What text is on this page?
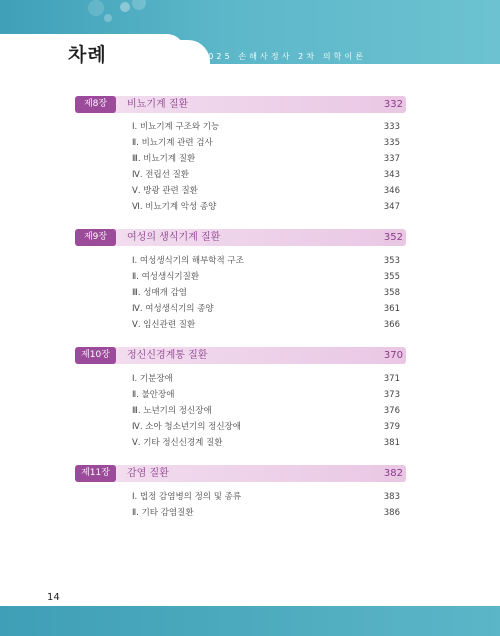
2025 손해사정사 2차 의학이론
차례
제8장	비뇨기계 질환	332
Ⅰ. 비뇨기계 구조와 기능	333
Ⅱ. 비뇨기계 관련 검사	335
Ⅲ. 비뇨기계 질환	337
Ⅳ. 전립선 질환	343
Ⅴ. 방광 관련 질환	346
Ⅵ. 비뇨기계 악성 종양	347
제9장	여성의 생식기계 질환	352
Ⅰ. 여성생식기의 해부학적 구조	353
Ⅱ. 여성생식기질환	355
Ⅲ. 성매개 감염	358
Ⅳ. 여성생식기의 종양	361
Ⅴ. 임신관련 질환	366
제10장	정신신경계통 질환	370
Ⅰ. 기분장애	371
Ⅱ. 불안장애	373
Ⅲ. 노년기의 정신장애	376
Ⅳ. 소아 청소년기의 정신장애	379
Ⅴ. 기타 정신신경계 질환	381
제11장	감염 질환	382
Ⅰ. 법정 감염병의 정의 및 종류	383
Ⅱ. 기타 감염질환	386
14
